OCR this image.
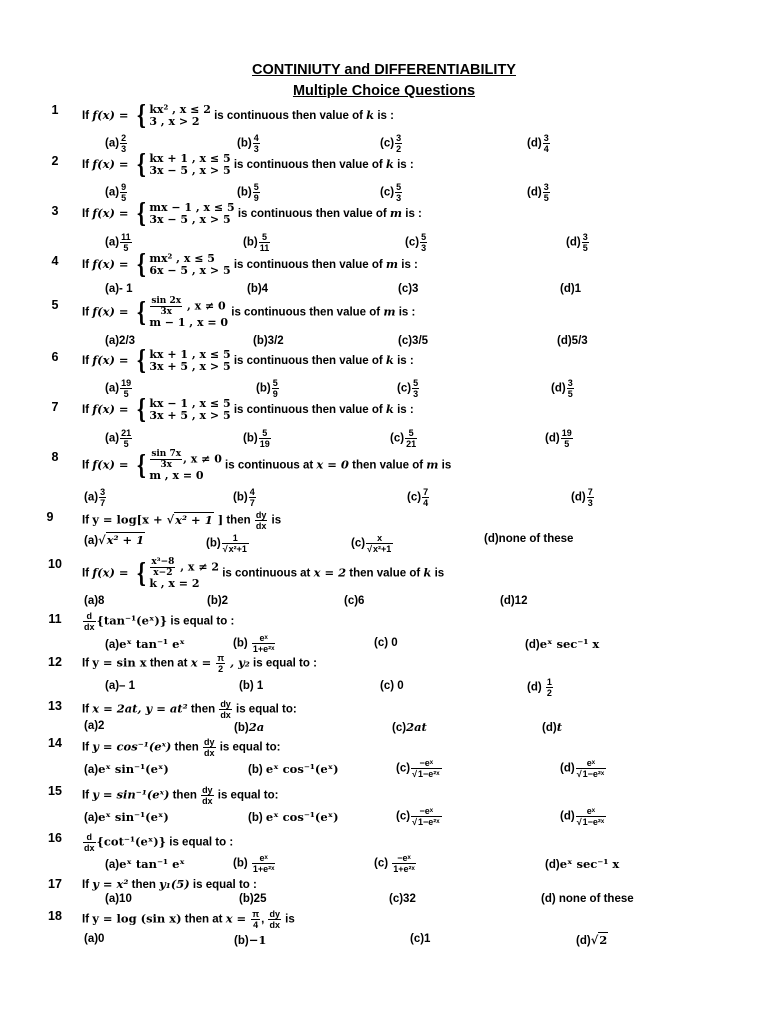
CONTINIUTY and DIFFERENTIABILITY
Multiple Choice Questions
1	If f(x) = { kx² , x ≤ 2
3 , x > 2 is continuous then value of k is :
$(a) \frac{2}{3}$	$(b) \frac{4}{3}$	$(c) \frac{3}{2}$	$(d) \frac{3}{4}$
2	If f(x) = { kx + 1 , x ≤ 5
3x − 5 , x > 5 is continuous then value of k is :
$(a) \frac{9}{5}$	$(b) \frac{5}{9}$	$(c) \frac{5}{3}$	$(d) \frac{3}{5}$
3	If f(x) = { mx − 1 , x ≤ 5
3x − 5 , x > 5 is continuous then value of m is :
$(a) \frac{11}{5}$	$(b) \frac{5}{11}$	$(c) \frac{5}{3}$	$(d) \frac{3}{5}$
4	If f(x) = { mx² , x ≤ 5
6x − 5 , x > 5 is continuous then value of m is :
(a)- 1	(b)4	(c)3	(d)1
5
If f(x) = { $\frac{\sin 2x}{3x}$ , x ≠ 0
m − 1 , x = 0
is continuous then value of m is :
(a)2/3	(b)3/2	(c)3/5	(d)5/3
6	If f(x) = { kx + 1 , x ≤ 5
3x + 5 , x > 5 is continuous then value of k is :
$(a) \frac{19}{5}$	$(b) \frac{5}{9}$	$(c) \frac{5}{3}$	$(d) \frac{3}{5}$
7	If f(x) = { kx − 1 , x ≤ 5
3x + 5 , x > 5 is continuous then value of k is :
$(a) \frac{21}{5}$	$(b) \frac{5}{19}$	$(c) \frac{5}{21}$	$(d) \frac{19}{5}$
8
If f(x) = { $\frac{\sin 7x}{3x}$ , x ≠ 0
m , x = 0
is continuous at x = 0 then value of m is
$(a) \frac{3}{7}$	$(b) \frac{4}{7}$	$(c) \frac{7}{4}$	$(d) \frac{7}{3}$
9	If y = log[x + √x² + 1 ] then $\frac{dy}{dx}$ is
(a)√x² + 1	$(b) \frac{1}{\text{√x²+1}}$	$(c) \frac{x}{\text{√x²+1}}$	(d)none of these
10
If f(x) = { $\frac{\text{x³−8}}{x-2}$ , x ≠ 2
k , x = 2
is continuous at x = 2 then value of k is
(a)8	(b)2	(c)6	(d)12
11	$\frac{d}{dx}$ {tan⁻¹(eˣ)} is equal to :
(a)eˣ tan⁻¹ eˣ	$(b) \frac{\text{eˣ}}{\text{1+e²ˣ}}$	(c) 0	(d)eˣ sec⁻¹ x
12	If y = sin x then at $x = \frac{\pi}{2}$ , y₂ is equal to :
(a)– 1	(b) 1	(c) 0	$(d) \frac{1}{2}$
13	If x = 2at, y = at² then $\frac{dy}{dx}$ is equal to:
(a)2	(b)2a	(c)2at	(d)t
14	If y = cos⁻¹(eˣ) then $\frac{dy}{dx}$ is equal to:
(a)eˣ sin⁻¹(eˣ)	(b) eˣ cos⁻¹(eˣ)	$(c) \frac{\text{−eˣ}}{\text{√1−e²ˣ}}$	$(d) \frac{\text{eˣ}}{\text{√1−e²ˣ}}$
15	If y = sin⁻¹(eˣ) then $\frac{dy}{dx}$ is equal to:
(a)eˣ sin⁻¹(eˣ)	(b) eˣ cos⁻¹(eˣ)	$(c) \frac{\text{−eˣ}}{\text{√1−e²ˣ}}$	$(d) \frac{\text{eˣ}}{\text{√1−e²ˣ}}$
16	$\frac{d}{dx}$ {cot⁻¹(eˣ)} is equal to :
(a)eˣ tan⁻¹ eˣ	$(b) \frac{\text{eˣ}}{\text{1+e²ˣ}}$	$(c) \frac{\text{−eˣ}}{\text{1+e²ˣ}}$	(d)eˣ sec⁻¹ x
17	If y = x² then y₁(5) is equal to :
(a)10	(b)25	(c)32	(d) none of these
18	If y = log (sin x) then at $x = \frac{\pi}{4}$ , $\frac{dy}{dx}$ is
(a)0	(b)−1	(c)1	(d)√2
